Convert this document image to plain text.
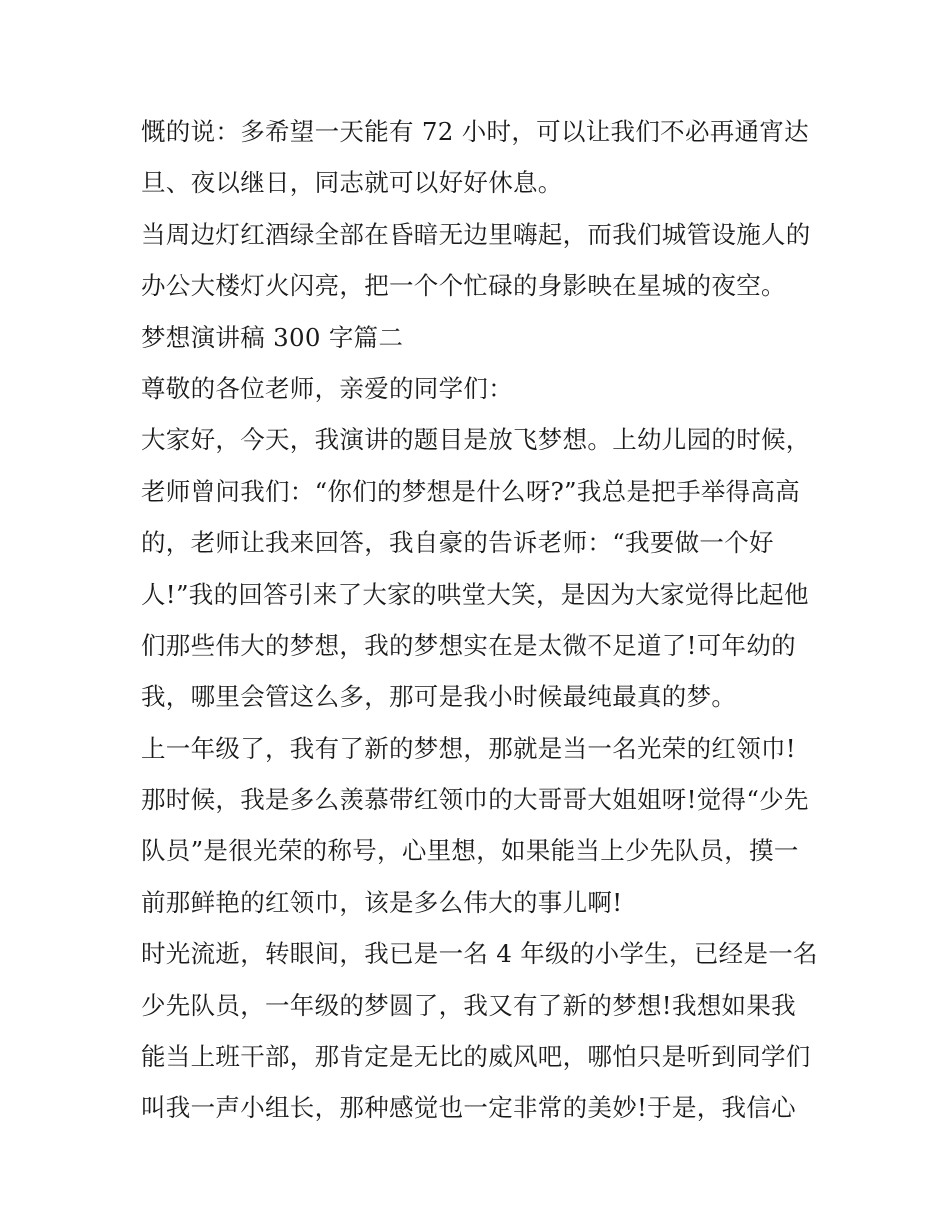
慨的说：多希望一天能有 72 小时，可以让我们不必再通宵达
旦、夜以继日，同志就可以好好休息。
当周边灯红酒绿全部在昏暗无边里嗨起，而我们城管设施人的
办公大楼灯火闪亮，把一个个忙碌的身影映在星城的夜空。
梦想演讲稿 300 字篇二
尊敬的各位老师，亲爱的同学们：
大家好，今天，我演讲的题目是放飞梦想。上幼儿园的时候，
老师曾问我们：“你们的梦想是什么呀?”我总是把手举得高高
的，老师让我来回答，我自豪的告诉老师：“我要做一个好
人!”我的回答引来了大家的哄堂大笑，是因为大家觉得比起他
们那些伟大的梦想，我的梦想实在是太微不足道了!可年幼的
我，哪里会管这么多，那可是我小时候最纯最真的梦。
上一年级了，我有了新的梦想，那就是当一名光荣的红领巾!
那时候，我是多么羡慕带红领巾的大哥哥大姐姐呀!觉得“少先
队员”是很光荣的称号，心里想，如果能当上少先队员，摸一
前那鲜艳的红领巾，该是多么伟大的事儿啊!
时光流逝，转眼间，我已是一名 4 年级的小学生，已经是一名
少先队员，一年级的梦圆了，我又有了新的梦想!我想如果我
能当上班干部，那肯定是无比的威风吧，哪怕只是听到同学们
叫我一声小组长，那种感觉也一定非常的美妙!于是，我信心
